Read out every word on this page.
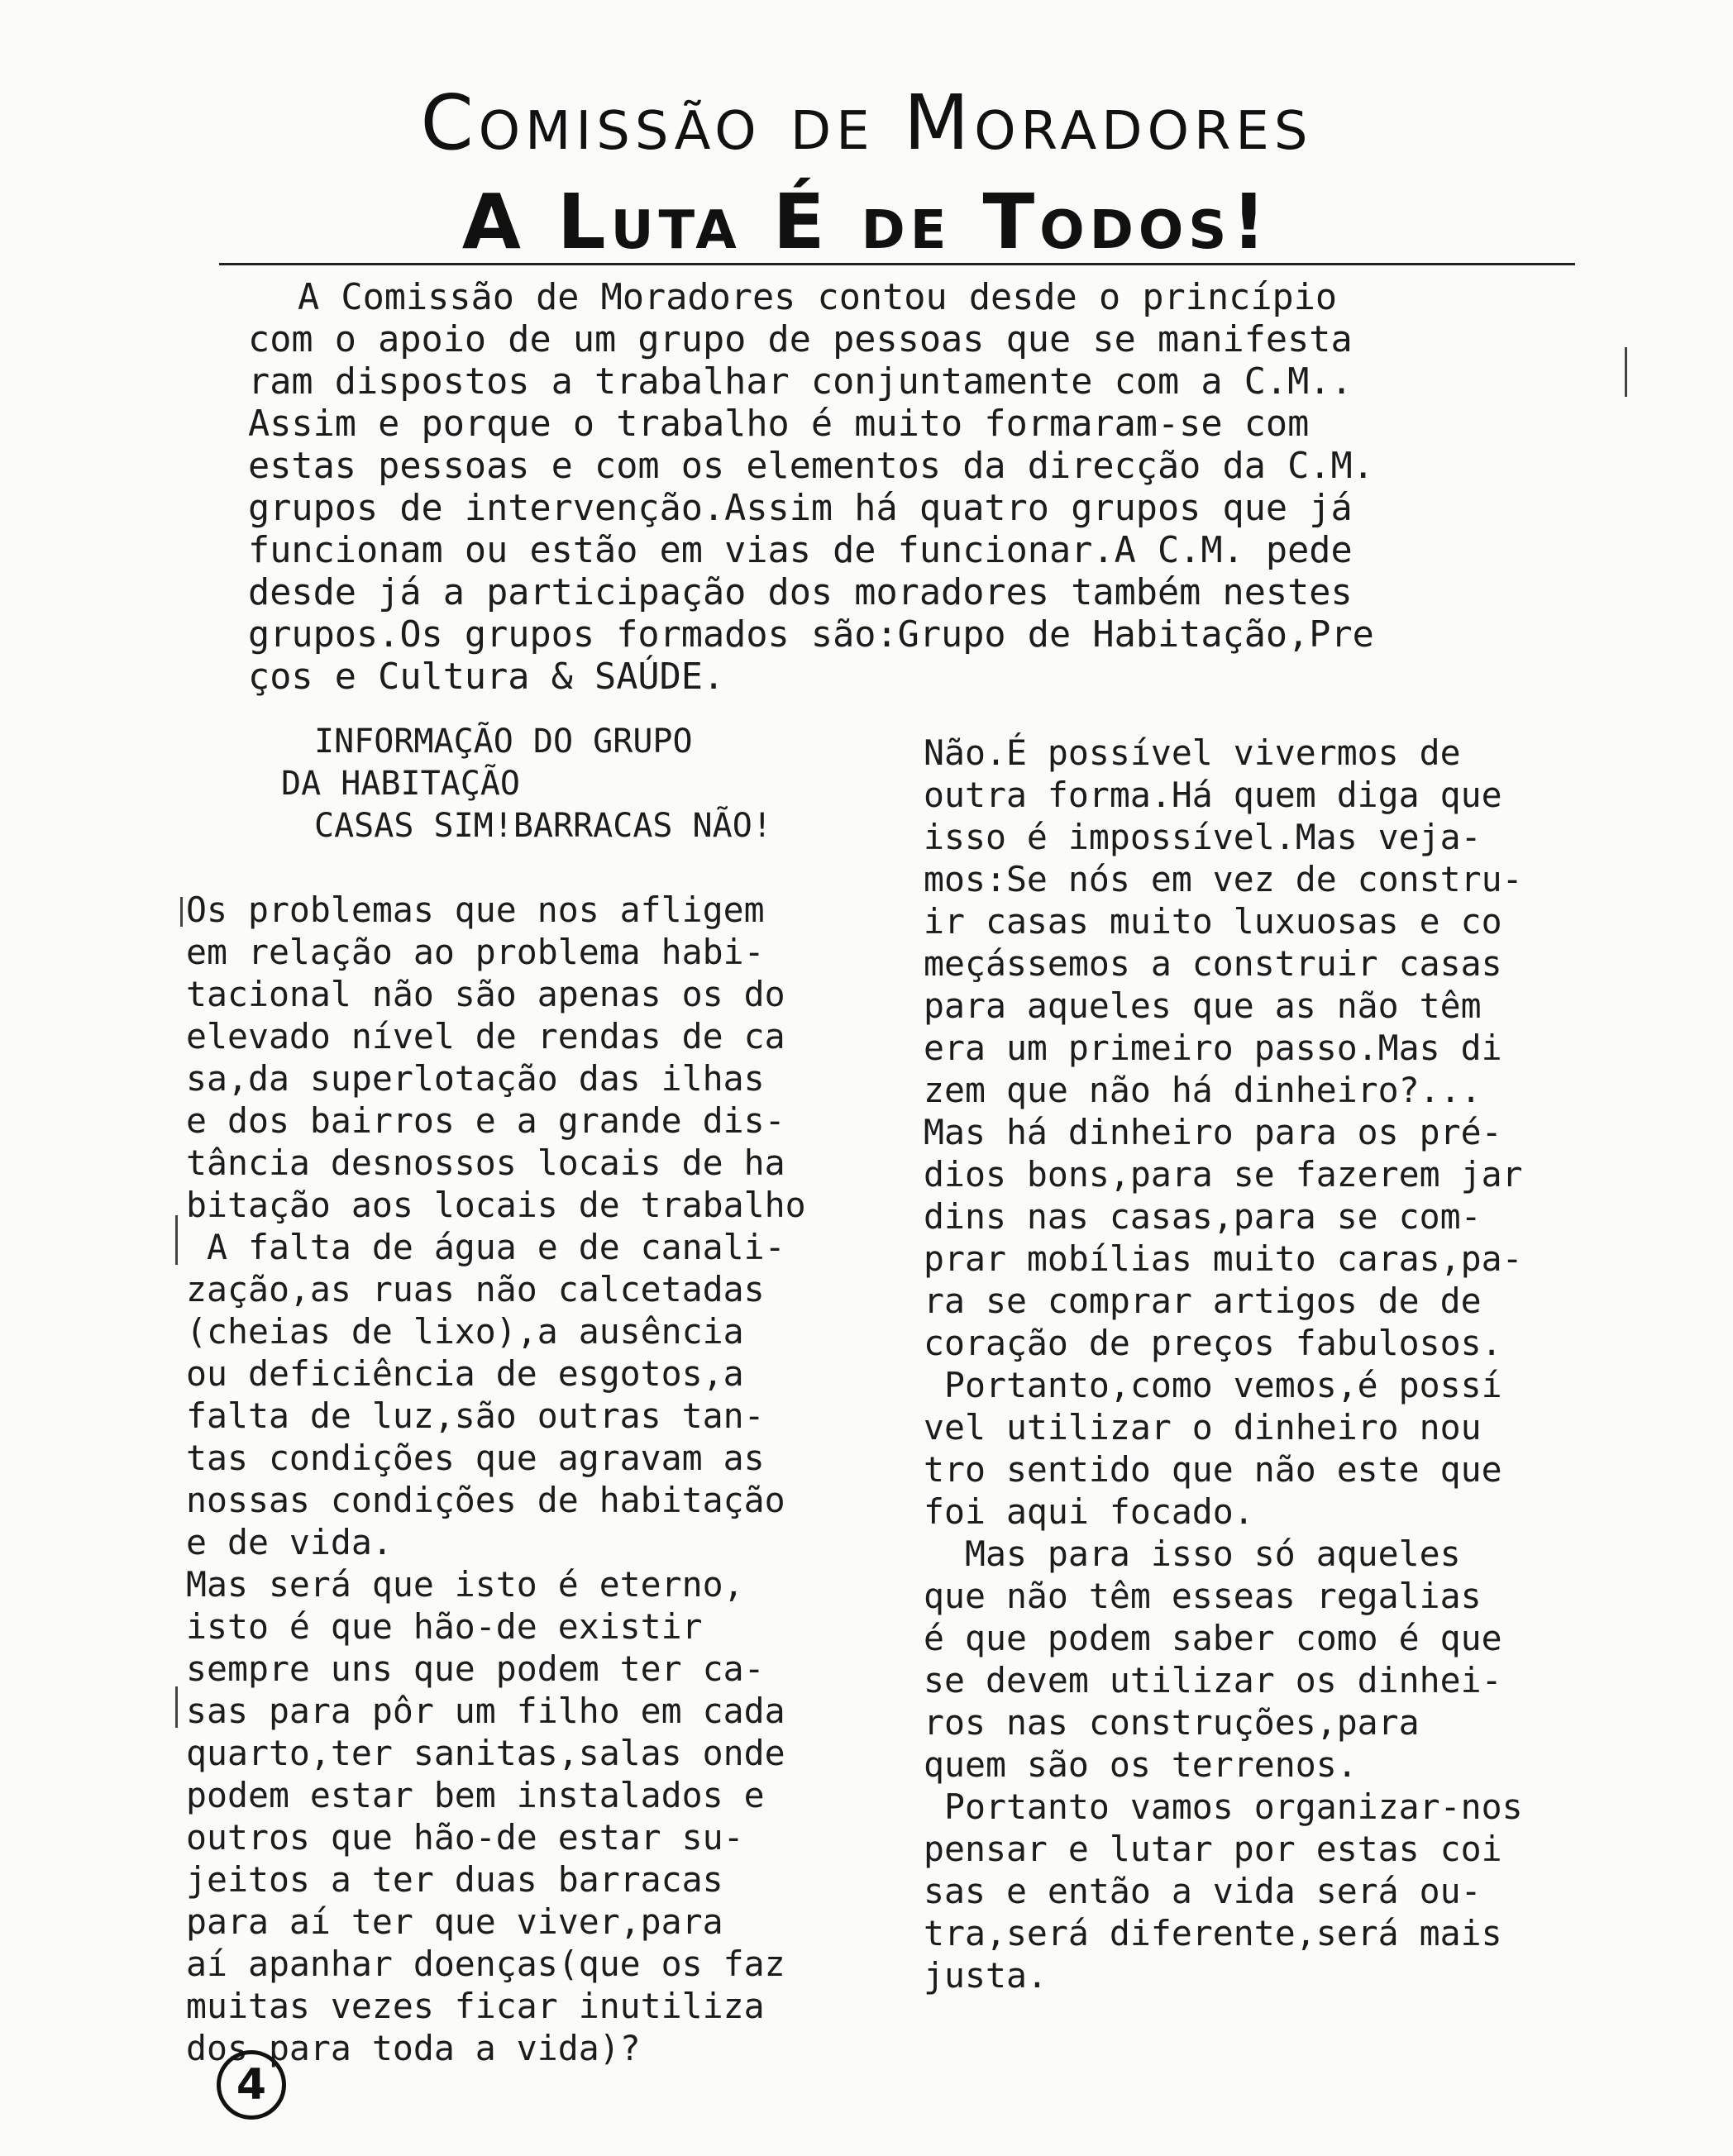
Comissão de Moradores
A Luta É de Todos!
A Comissão de Moradores contou desde o princípio
com o apoio de um grupo de pessoas que se manifesta
ram dispostos a trabalhar conjuntamente com a C.M..
Assim e porque o trabalho é muito formaram-se com
estas pessoas e com os elementos da direcção da C.M.
grupos de intervenção.Assim há quatro grupos que já
funcionam ou estão em vias de funcionar.A C.M. pede
desde já a participação dos moradores também nestes
grupos.Os grupos formados são:Grupo de Habitação,Pre
ços e Cultura & SAÚDE.
INFORMAÇÃO DO GRUPO
DA HABITAÇÃO
CASAS SIM!BARRACAS NÃO!
Os problemas que nos afligem
em relação ao problema habi-
tacional não são apenas os do
elevado nível de rendas de ca
sa,da superlotação das ilhas
e dos bairros e a grande dis-
tância desnossos locais de ha
bitação aos locais de trabalho
A falta de água e de canali-
zação,as ruas não calcetadas
(cheias de lixo),a ausência
ou deficiência de esgotos,a
falta de luz,são outras tan-
tas condições que agravam as
nossas condições de habitação
e de vida.
Mas será que isto é eterno,
isto é que hão-de existir
sempre uns que podem ter ca-
sas para pôr um filho em cada
quarto,ter sanitas,salas onde
podem estar bem instalados e
outros que hão-de estar su-
jeitos a ter duas barracas
para aí ter que viver,para
aí apanhar doenças(que os faz
muitas vezes ficar inutiliza
dos para toda a vida)?
Não.É possível vivermos de
outra forma.Há quem diga que
isso é impossível.Mas veja-
mos:Se nós em vez de constru-
ir casas muito luxuosas e co
meçássemos a construir casas
para aqueles que as não têm
era um primeiro passo.Mas di
zem que não há dinheiro?...
Mas há dinheiro para os pré-
dios bons,para se fazerem jar
dins nas casas,para se com-
prar mobílias muito caras,pa-
ra se comprar artigos de de
coração de preços fabulosos.
Portanto,como vemos,é possí
vel utilizar o dinheiro nou
tro sentido que não este que
foi aqui focado.
Mas para isso só aqueles
que não têm esseas regalias
é que podem saber como é que
se devem utilizar os dinhei-
ros nas construções,para
quem são os terrenos.
Portanto vamos organizar-nos
pensar e lutar por estas coi
sas e então a vida será ou-
tra,será diferente,será mais
justa.
4
